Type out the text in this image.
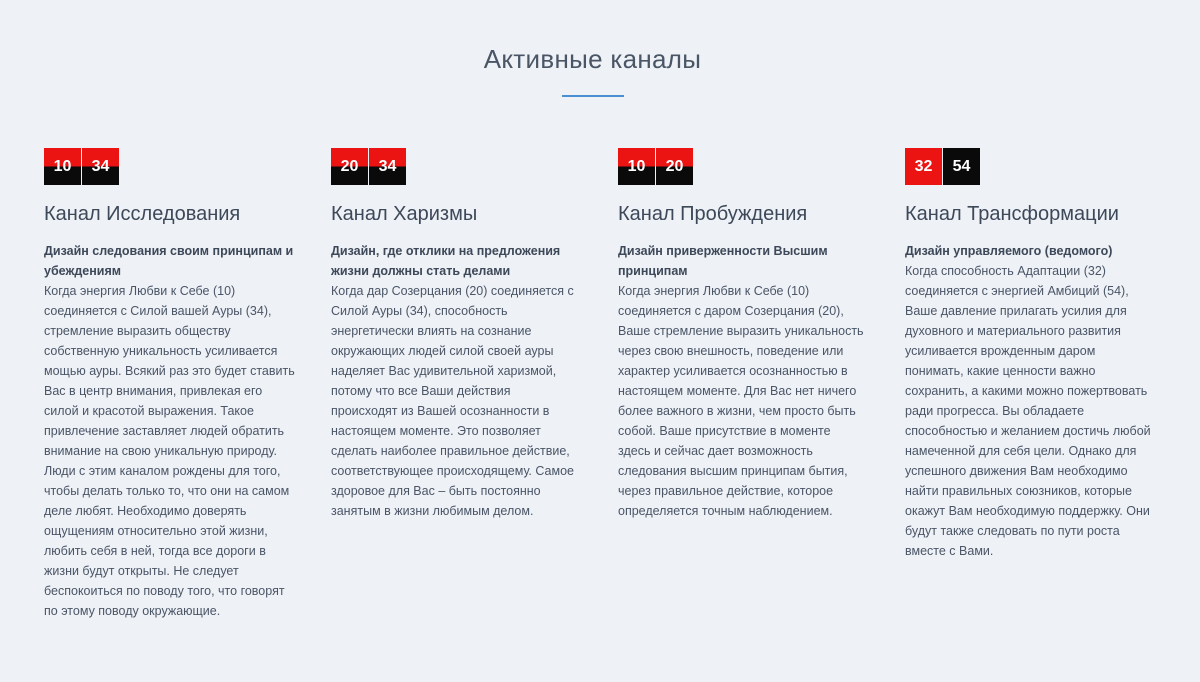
Активные каналы
10	34
Канал Исследования

Дизайн следования своим принципам и убеждениям

Когда энергия Любви к Себе (10) соединяется с Силой вашей Ауры (34), стремление выразить обществу собственную уникальность усиливается мощью ауры. Всякий раз это будет ставить Вас в центр внимания, привлекая его силой и красотой выражения. Такое привлечение заставляет людей обратить внимание на свою уникальную природу. Люди с этим каналом рождены для того, чтобы делать только то, что они на самом деле любят. Необходимо доверять ощущениям относительно этой жизни, любить себя в ней, тогда все дороги в жизни будут открыты. Не следует беспокоиться по поводу того, что говорят по этому поводу окружающие.

20	34
Канал Харизмы

Дизайн, где отклики на предложения жизни должны стать делами

Когда дар Созерцания (20) соединяется с Силой Ауры (34), способность энергетически влиять на сознание окружающих людей силой своей ауры наделяет Вас удивительной харизмой, потому что все Ваши действия происходят из Вашей осознанности в настоящем моменте. Это позволяет сделать наиболее правильное действие, соответствующее происходящему. Самое здоровое для Вас – быть постоянно занятым в жизни любимым делом.

10	20
Канал Пробуждения

Дизайн приверженности Высшим принципам

Когда энергия Любви к Себе (10) соединяется с даром Созерцания (20), Ваше стремление выразить уникальность через свою внешность, поведение или характер усиливается осознанностью в настоящем моменте. Для Вас нет ничего более важного в жизни, чем просто быть собой. Ваше присутствие в моменте здесь и сейчас дает возможность следования высшим принципам бытия, через правильное действие, которое определяется точным наблюдением.

32	54
Канал Трансформации

Дизайн управляемого (ведомого)

Когда способность Адаптации (32) соединяется с энергией Амбиций (54), Ваше давление прилагать усилия для духовного и материального развития усиливается врожденным даром понимать, какие ценности важно сохранить, а какими можно пожертвовать ради прогресса. Вы обладаете способностью и желанием достичь любой намеченной для себя цели. Однако для успешного движения Вам необходимо найти правильных союзников, которые окажут Вам необходимую поддержку. Они будут также следовать по пути роста вместе с Вами.
